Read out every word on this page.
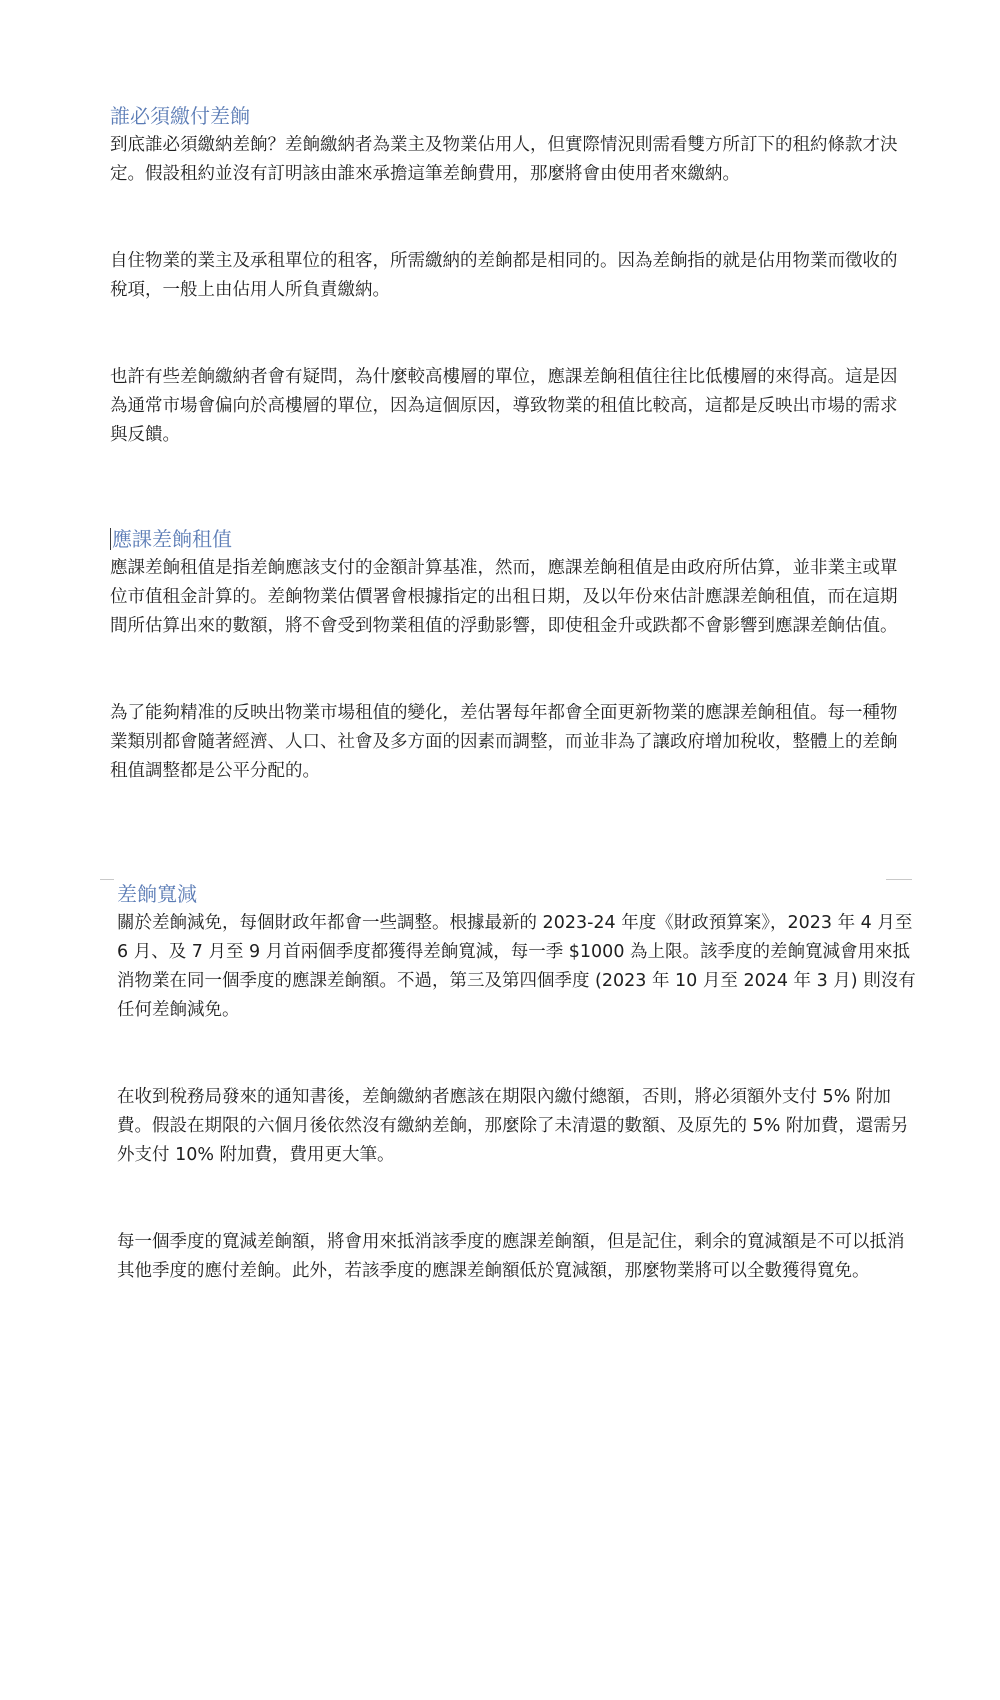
誰必須繳付差餉

到底誰必須繳納差餉？差餉繳納者為業主及物業佔用人，但實際情況則需看雙方所訂下的租約條款才決定。假設租約並沒有訂明該由誰來承擔這筆差餉費用，那麼將會由使用者來繳納。

自住物業的業主及承租單位的租客，所需繳納的差餉都是相同的。因為差餉指的就是佔用物業而徵收的稅項，一般上由佔用人所負責繳納。

也許有些差餉繳納者會有疑問，為什麼較高樓層的單位，應課差餉租值往往比低樓層的來得高。這是因為通常市場會偏向於高樓層的單位，因為這個原因，導致物業的租值比較高，這都是反映出市場的需求與反饋。

應課差餉租值

應課差餉租值是指差餉應該支付的金額計算基准，然而，應課差餉租值是由政府所估算，並非業主或單位市值租金計算的。差餉物業估價署會根據指定的出租日期，及以年份來估計應課差餉租值，而在這期間所估算出來的數額，將不會受到物業租值的浮動影響，即使租金升或跌都不會影響到應課差餉估值。

為了能夠精准的反映出物業市場租值的變化，差估署每年都會全面更新物業的應課差餉租值。每一種物業類別都會隨著經濟、人口、社會及多方面的因素而調整，而並非為了讓政府增加稅收，整體上的差餉租值調整都是公平分配的。

差餉寬減

關於差餉減免，每個財政年都會一些調整。根據最新的 2023-24 年度《財政預算案》，2023 年 4 月至 6 月、及 7 月至 9 月首兩個季度都獲得差餉寬減，每一季 $1000 為上限。該季度的差餉寬減會用來抵消物業在同一個季度的應課差餉額。不過，第三及第四個季度 (2023 年 10 月至 2024 年 3 月) 則沒有任何差餉減免。

在收到稅務局發來的通知書後，差餉繳納者應該在期限內繳付總額，否則，將必須額外支付 5% 附加費。假設在期限的六個月後依然沒有繳納差餉，那麼除了未清還的數額、及原先的 5% 附加費，還需另外支付 10% 附加費，費用更大筆。

每一個季度的寬減差餉額，將會用來抵消該季度的應課差餉額，但是記住，剩余的寬減額是不可以抵消其他季度的應付差餉。此外，若該季度的應課差餉額低於寬減額，那麼物業將可以全數獲得寬免。
